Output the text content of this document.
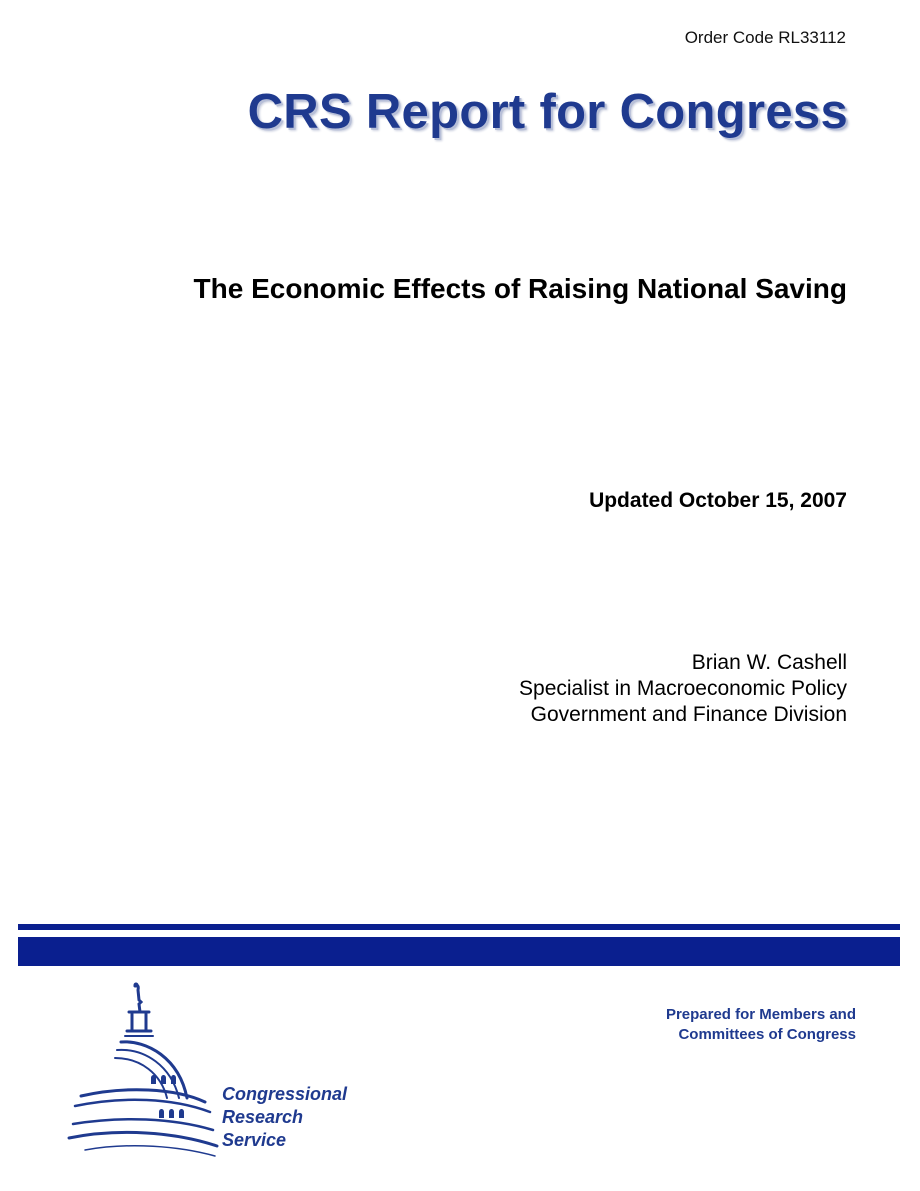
Order Code RL33112
CRS Report for Congress
The Economic Effects of Raising National Saving
Updated October 15, 2007
Brian W. Cashell
Specialist in Macroeconomic Policy
Government and Finance Division
Congressional
Research
Service
Prepared for Members and
Committees of Congress
